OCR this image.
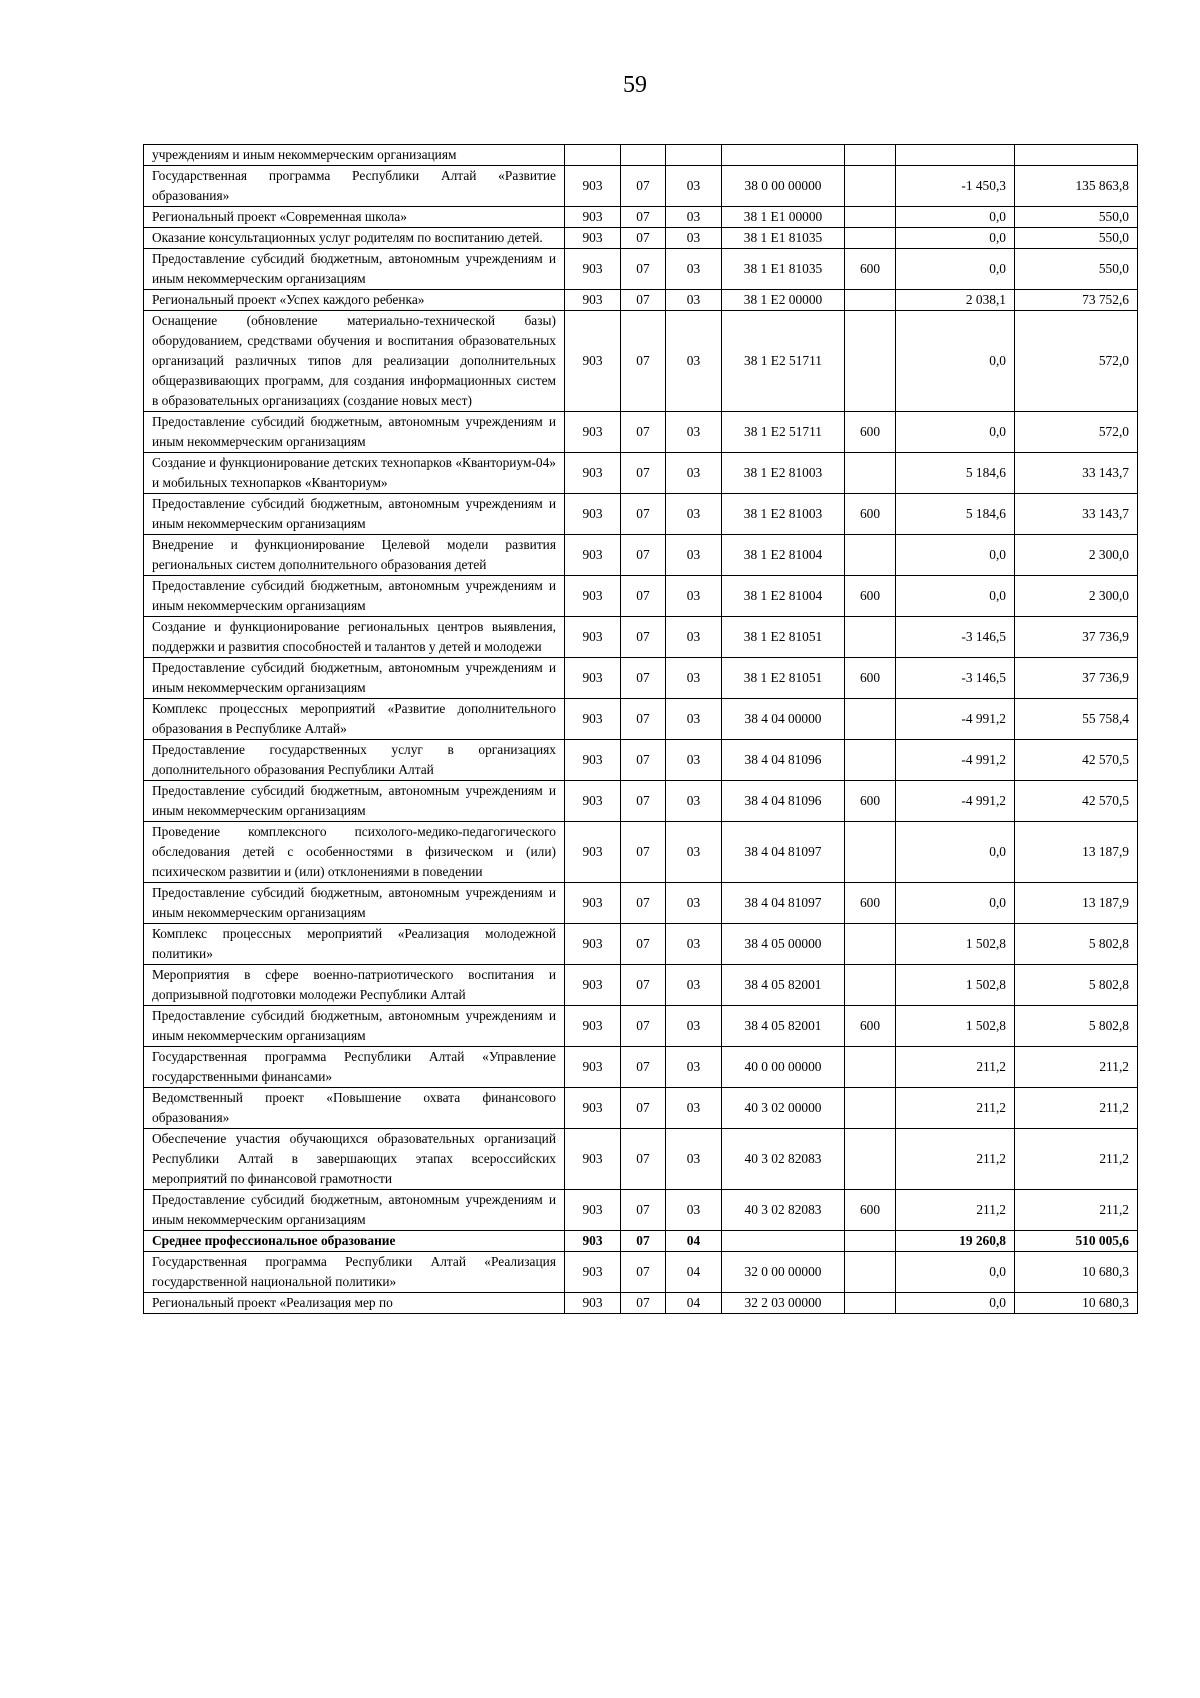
59
учреждениям и иным некоммерческим организациям							
Государственная программа Республики Алтай «Развитие образования»	903	07	03	38 0 00 00000		-1 450,3	135 863,8
Региональный проект «Современная школа»	903	07	03	38 1 E1 00000		0,0	550,0
Оказание консультационных услуг родителям по воспитанию детей.	903	07	03	38 1 E1 81035		0,0	550,0
Предоставление субсидий бюджетным, автономным учреждениям и иным некоммерческим организациям	903	07	03	38 1 E1 81035	600	0,0	550,0
Региональный проект «Успех каждого ребенка»	903	07	03	38 1 E2 00000		2 038,1	73 752,6
Оснащение (обновление материально-технической базы) оборудованием, средствами обучения и воспитания образовательных организаций различных типов для реализации дополнительных общеразвивающих программ, для создания информационных систем в образовательных организациях (создание новых мест)	903	07	03	38 1 E2 51711		0,0	572,0
Предоставление субсидий бюджетным, автономным учреждениям и иным некоммерческим организациям	903	07	03	38 1 E2 51711	600	0,0	572,0
Создание и функционирование детских технопарков «Кванториум-04» и мобильных технопарков «Кванториум»	903	07	03	38 1 E2 81003		5 184,6	33 143,7
Предоставление субсидий бюджетным, автономным учреждениям и иным некоммерческим организациям	903	07	03	38 1 E2 81003	600	5 184,6	33 143,7
Внедрение и функционирование Целевой модели развития региональных систем дополнительного образования детей	903	07	03	38 1 E2 81004		0,0	2 300,0
Предоставление субсидий бюджетным, автономным учреждениям и иным некоммерческим организациям	903	07	03	38 1 E2 81004	600	0,0	2 300,0
Создание и функционирование региональных центров выявления, поддержки и развития способностей и талантов у детей и молодежи	903	07	03	38 1 E2 81051		-3 146,5	37 736,9
Предоставление субсидий бюджетным, автономным учреждениям и иным некоммерческим организациям	903	07	03	38 1 E2 81051	600	-3 146,5	37 736,9
Комплекс процессных мероприятий «Развитие дополнительного образования в Республике Алтай»	903	07	03	38 4 04 00000		-4 991,2	55 758,4
Предоставление государственных услуг в организациях дополнительного образования Республики Алтай	903	07	03	38 4 04 81096		-4 991,2	42 570,5
Предоставление субсидий бюджетным, автономным учреждениям и иным некоммерческим организациям	903	07	03	38 4 04 81096	600	-4 991,2	42 570,5
Проведение комплексного психолого-медико-педагогического обследования детей с особенностями в физическом и (или) психическом развитии и (или) отклонениями в поведении	903	07	03	38 4 04 81097		0,0	13 187,9
Предоставление субсидий бюджетным, автономным учреждениям и иным некоммерческим организациям	903	07	03	38 4 04 81097	600	0,0	13 187,9
Комплекс процессных мероприятий «Реализация молодежной политики»	903	07	03	38 4 05 00000		1 502,8	5 802,8
Мероприятия в сфере военно-патриотического воспитания и допризывной подготовки молодежи Республики Алтай	903	07	03	38 4 05 82001		1 502,8	5 802,8
Предоставление субсидий бюджетным, автономным учреждениям и иным некоммерческим организациям	903	07	03	38 4 05 82001	600	1 502,8	5 802,8
Государственная программа Республики Алтай «Управление государственными финансами»	903	07	03	40 0 00 00000		211,2	211,2
Ведомственный проект «Повышение охвата финансового образования»	903	07	03	40 3 02 00000		211,2	211,2
Обеспечение участия обучающихся образовательных организаций Республики Алтай в завершающих этапах всероссийских мероприятий по финансовой грамотности	903	07	03	40 3 02 82083		211,2	211,2
Предоставление субсидий бюджетным, автономным учреждениям и иным некоммерческим организациям	903	07	03	40 3 02 82083	600	211,2	211,2
Среднее профессиональное образование	903	07	04			19 260,8	510 005,6
Государственная программа Республики Алтай «Реализация государственной национальной политики»	903	07	04	32 0 00 00000		0,0	10 680,3
Региональный проект «Реализация мер по	903	07	04	32 2 03 00000		0,0	10 680,3
